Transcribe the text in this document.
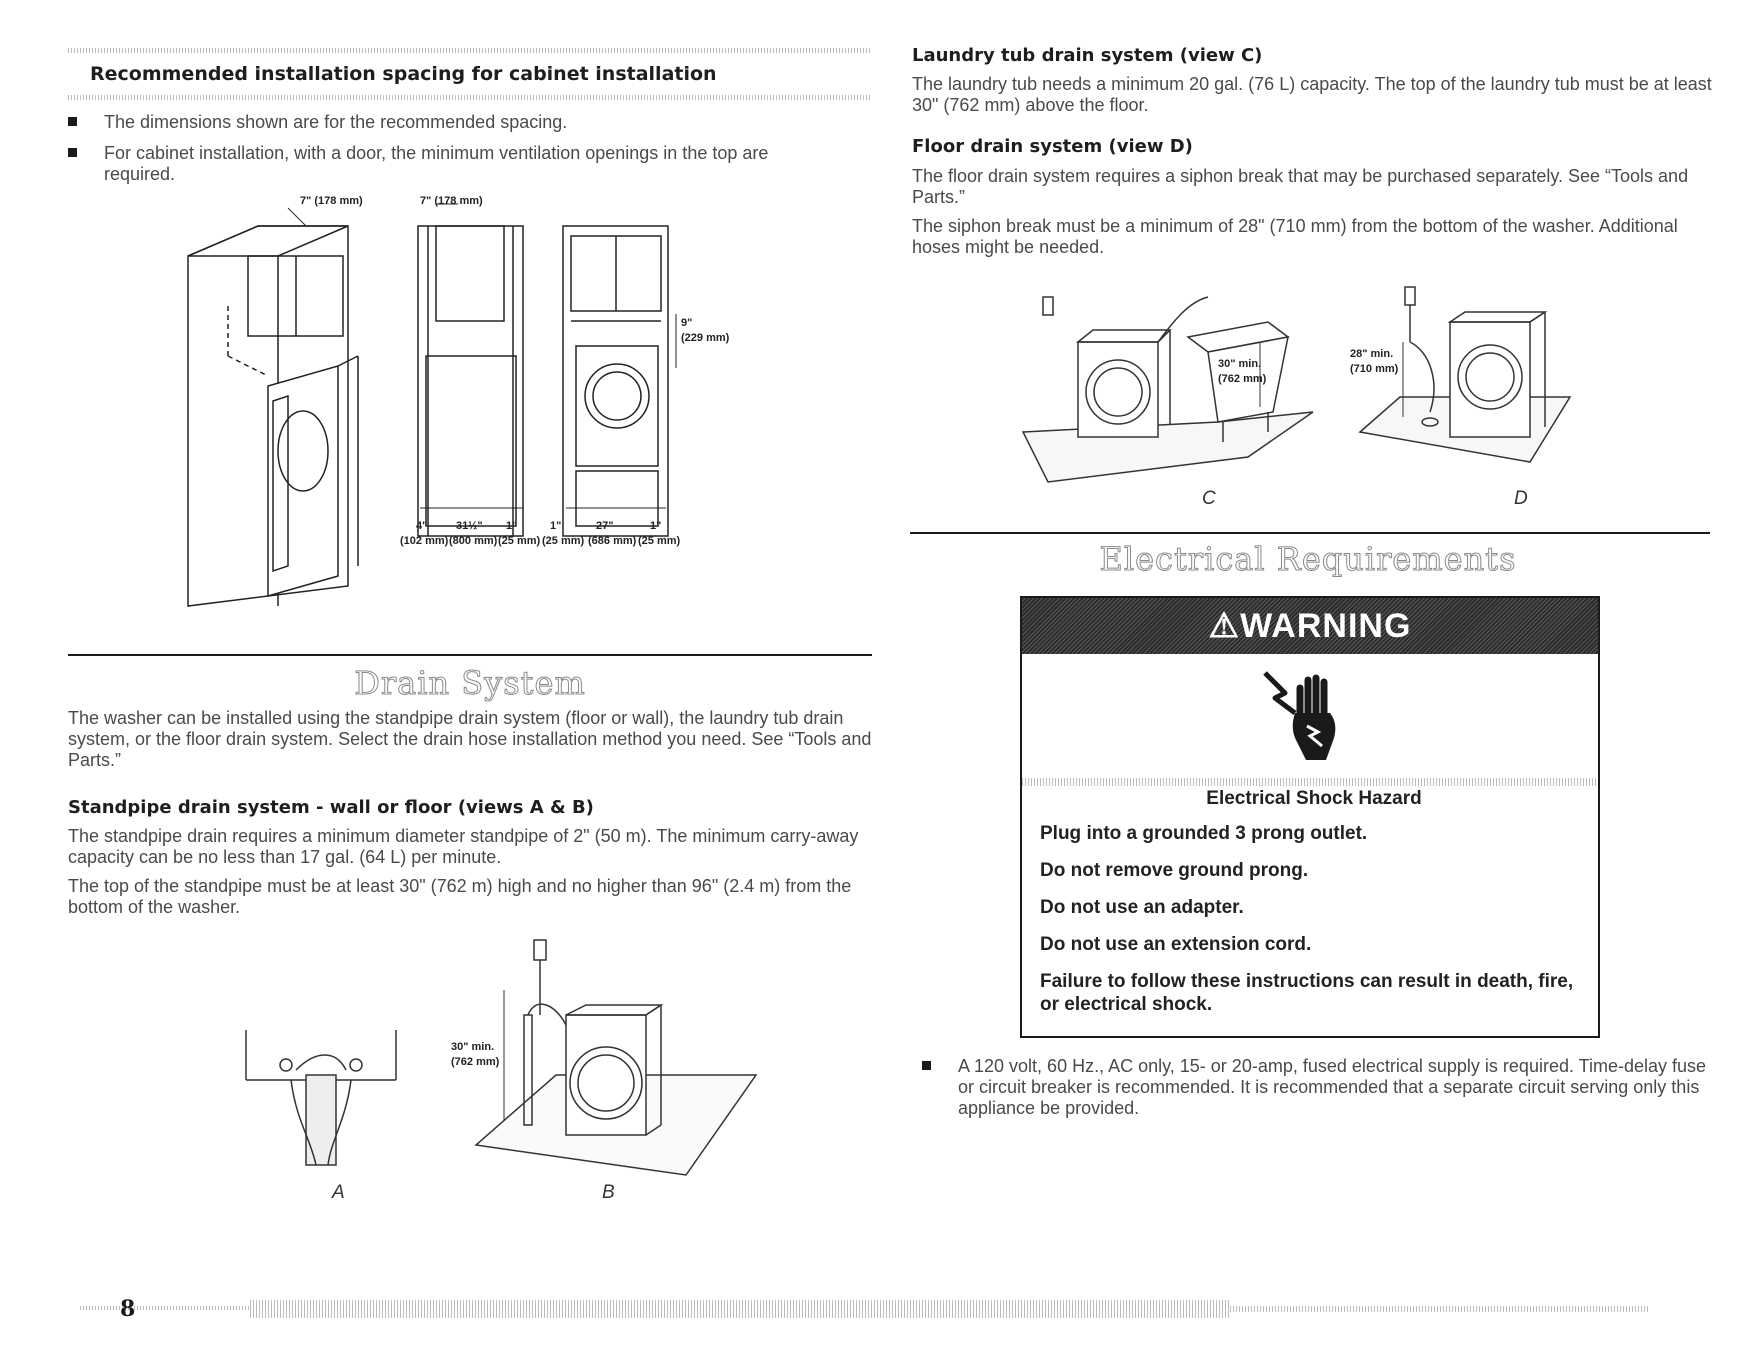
Recommended installation spacing for cabinet installation
The dimensions shown are for the recommended spacing.
For cabinet installation, with a door, the minimum ventilation openings in the top are required.
7" (178 mm)	7" (178 mm)
9"
(229 mm)
4"	31½" 1"	1"	27"	1"
(102 mm) (800 mm) (25 mm) (25 mm) (686 mm) (25 mm)
Drain System

The washer can be installed using the standpipe drain system (floor or wall), the laundry tub drain system, or the floor drain system. Select the drain hose installation method you need. See “Tools and Parts.”

Standpipe drain system - wall or floor (views A & B)

The standpipe drain requires a minimum diameter standpipe of 2" (50 m). The minimum carry-away capacity can be no less than 17 gal. (64 L) per minute.

The top of the standpipe must be at least 30" (762 m) high and no higher than 96" (2.4 m) from the bottom of the washer.

A
30" min.
(762 mm)
B

Laundry tub drain system (view C)

The laundry tub needs a minimum 20 gal. (76 L) capacity. The top of the laundry tub must be at least 30" (762 mm) above the floor.

Floor drain system (view D)

The floor drain system requires a siphon break that may be purchased separately. See “Tools and Parts.”

The siphon break must be a minimum of 28" (710 mm) from the bottom of the washer. Additional hoses might be needed.

30" min.
(762 mm)
C
28" min.
(710 mm)
D
Electrical Requirements
⚠WARNING

Electrical Shock Hazard

Plug into a grounded 3 prong outlet.

Do not remove ground prong.

Do not use an adapter.

Do not use an extension cord.

Failure to follow these instructions can result in death, fire, or electrical shock.

A 120 volt, 60 Hz., AC only, 15- or 20-amp, fused electrical supply is required. Time-delay fuse or circuit breaker is recommended. It is recommended that a separate circuit serving only this appliance be provided.
8
